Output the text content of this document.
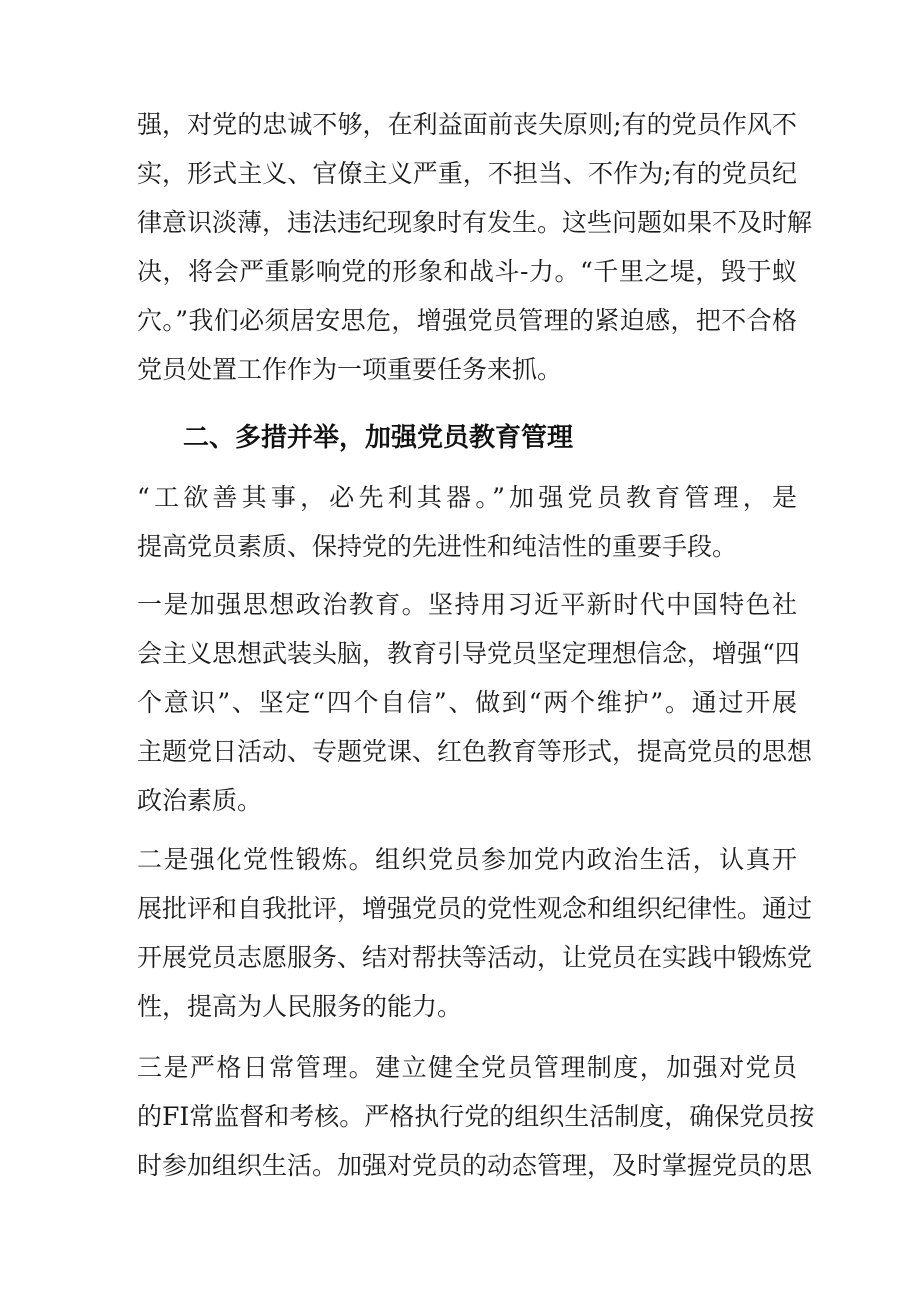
强，对党的忠诚不够，在利益面前丧失原则;有的党员作风不
实，形式主义、官僚主义严重，不担当、不作为;有的党员纪
律意识淡薄，违法违纪现象时有发生。这些问题如果不及时解
决，将会严重影响党的形象和战斗-力。“千里之堤，毁于蚁
穴。”我们必须居安思危，增强党员管理的紧迫感，把不合格
党员处置工作作为一项重要任务来抓。
二、多措并举，加强党员教育管理
“工欲善其事，必先利其器。”加强党员教育管理，是
提高党员素质、保持党的先进性和纯洁性的重要手段。
一是加强思想政治教育。坚持用习近平新时代中国特色社
会主义思想武装头脑，教育引导党员坚定理想信念，增强“四
个意识”、坚定“四个自信”、做到“两个维护”。通过开展
主题党日活动、专题党课、红色教育等形式，提高党员的思想
政治素质。
二是强化党性锻炼。组织党员参加党内政治生活，认真开
展批评和自我批评，增强党员的党性观念和组织纪律性。通过
开展党员志愿服务、结对帮扶等活动，让党员在实践中锻炼党
性，提高为人民服务的能力。
三是严格日常管理。建立健全党员管理制度，加强对党员
的FI常监督和考核。严格执行党的组织生活制度，确保党员按
时参加组织生活。加强对党员的动态管理，及时掌握党员的思
